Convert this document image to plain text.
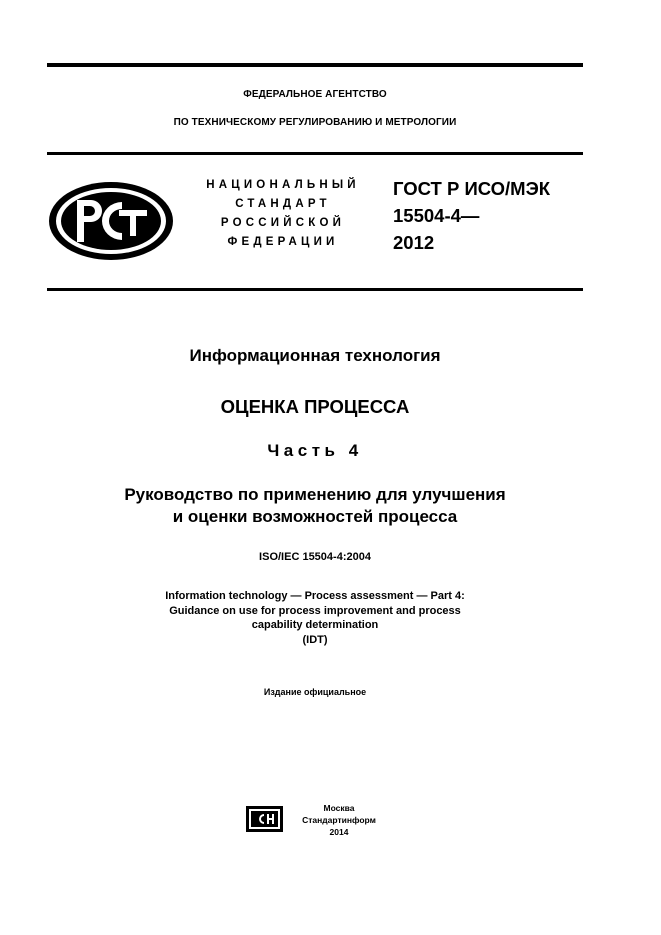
ФЕДЕРАЛЬНОЕ АГЕНТСТВО
ПО ТЕХНИЧЕСКОМУ РЕГУЛИРОВАНИЮ И МЕТРОЛОГИИ
НАЦИОНАЛЬНЫЙ
СТАНДАРТ
РОССИЙСКОЙ
ФЕДЕРАЦИИ
ГОСТ Р ИСО/МЭК
15504-4—
2012
Информационная технология
ОЦЕНКА ПРОЦЕССА
Часть 4
Руководство по применению для улучшения
и оценки возможностей процесса
ISO/IEC 15504-4:2004
Information technology — Process assessment — Part 4:
Guidance on use for process improvement and process
capability determination
(IDT)
Издание официальное
Москва
Стандартинформ
2014
